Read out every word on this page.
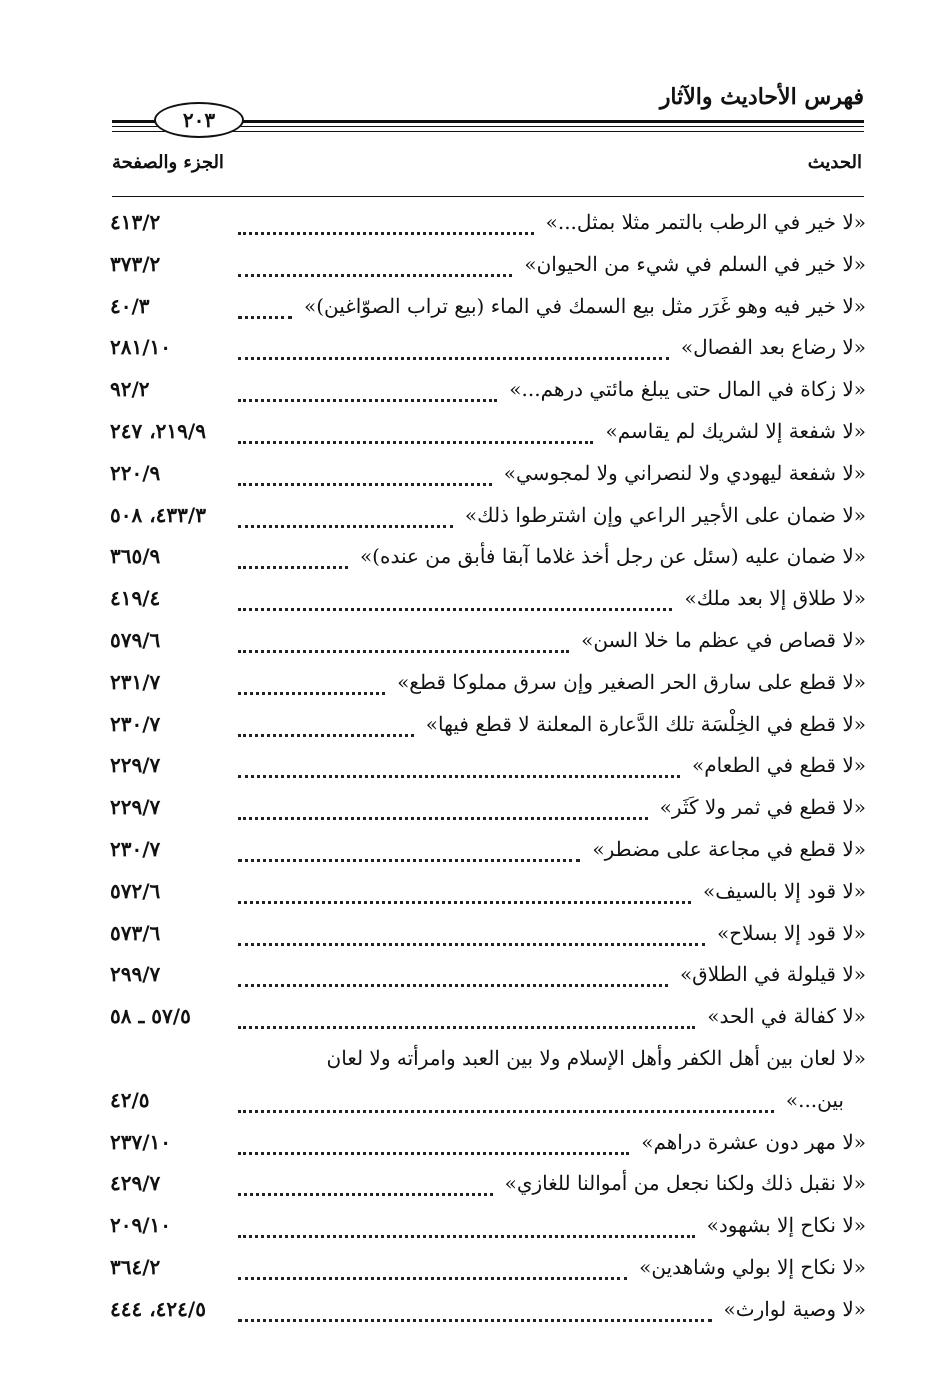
فهرس الأحاديث والآثار
٢٠٣
الحديث
الجزء والصفحة
٤١٣/٢	«لا خير في الرطب بالتمر مثلا بمثل...»
٣٧٣/٢	«لا خير في السلم في شيء من الحيوان»
٤٠/٣	«لا خير فيه وهو غَرَر مثل بيع السمك في الماء (بيع تراب الصوّاغين)»
٢٨١/١٠	«لا رضاع بعد الفصال»
٩٢/٢	«لا زكاة في المال حتى يبلغ مائتي درهم...»
٢١٩/٩، ٢٤٧	«لا شفعة إلا لشريك لم يقاسم»
٢٢٠/٩	«لا شفعة ليهودي ولا لنصراني ولا لمجوسي»
٤٣٣/٣، ٥٠٨	«لا ضمان على الأجير الراعي وإن اشترطوا ذلك»
٣٦٥/٩	«لا ضمان عليه (سئل عن رجل أخذ غلاما آبقا فأبق من عنده)»
٤١٩/٤	«لا طلاق إلا بعد ملك»
٥٧٩/٦	«لا قصاص في عظم ما خلا السن»
٢٣١/٧	«لا قطع على سارق الحر الصغير وإن سرق مملوكا قطع»
٢٣٠/٧	«لا قطع في الخِلْسَة تلك الدَّعارة المعلنة لا قطع فيها»
٢٢٩/٧	«لا قطع في الطعام»
٢٢٩/٧	«لا قطع في ثمر ولا كَثَر»
٢٣٠/٧	«لا قطع في مجاعة على مضطر»
٥٧٢/٦	«لا قود إلا بالسيف»
٥٧٣/٦	«لا قود إلا بسلاح»
٢٩٩/٧	«لا قيلولة في الطلاق»
٥٧/٥ ـ ٥٨	«لا كفالة في الحد»
«لا لعان بين أهل الكفر وأهل الإسلام ولا بين العبد وامرأته ولا لعان
٤٢/٥	بين...»
٢٣٧/١٠	«لا مهر دون عشرة دراهم»
٤٢٩/٧	«لا نقبل ذلك ولكنا نجعل من أموالنا للغازي»
٢٠٩/١٠	«لا نكاح إلا بشهود»
٣٦٤/٢	«لا نكاح إلا بولي وشاهدين»
٤٢٤/٥، ٤٤٤	«لا وصية لوارث»
